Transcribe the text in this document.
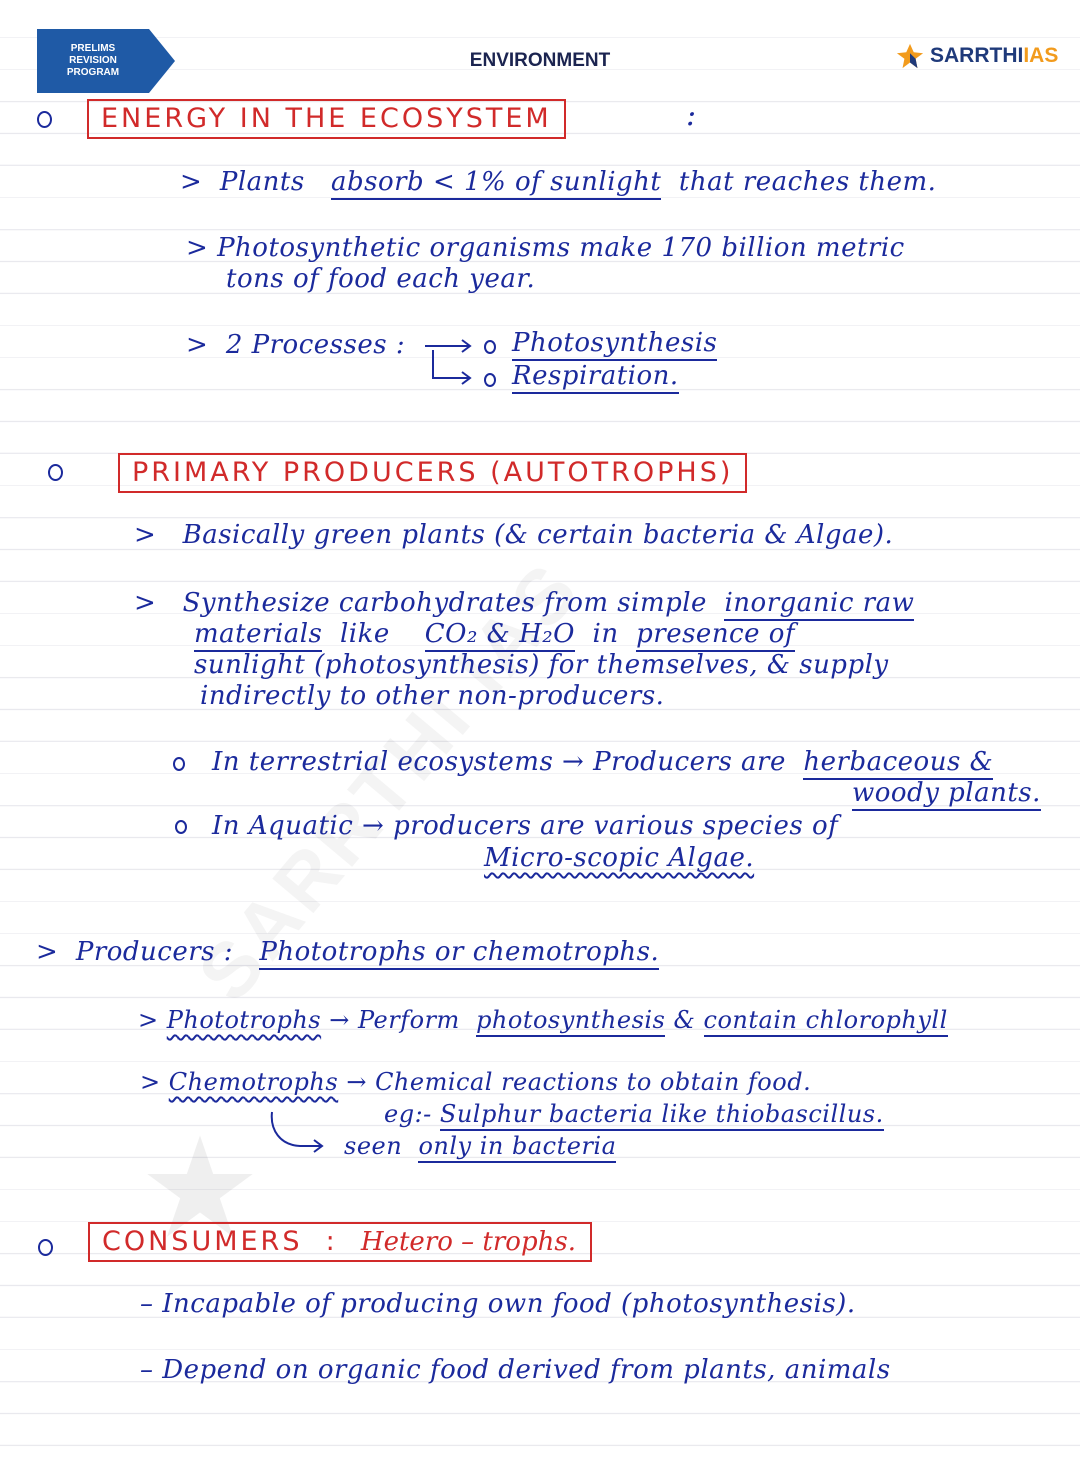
PRELIMS
REVISION
PROGRAM
ENVIRONMENT	SARRTHIIAS
ENERGY IN THE ECOSYSTEM	:
>  Plants absorb < 1% of sunlight that reaches them.
> Photosynthetic organisms make 170 billion metric
tons of food each year.
>  2 Processes :	Photosynthesis
Respiration.
PRIMARY PRODUCERS (AUTOTROPHS)
>   Basically green plants (& certain bacteria & Algae).
>   Synthesize carbohydrates from simple inorganic raw
materials like CO₂ & H₂O in presence of
sunlight (photosynthesis) for themselves, & supply
indirectly to other non-producers.
In terrestrial ecosystems → Producers are herbaceous &
woody plants.
In Aquatic → producers are various species of
Micro-scopic Algae.
>  Producers : Phototrophs or chemotrophs.
> Phototrophs → Perform photosynthesis & contain chlorophyll
> Chemotrophs → Chemical reactions to obtain food.
eg:- Sulphur bacteria like thiobascillus.
seen only in bacteria
CONSUMERS : Hetero – trophs.
– Incapable of producing own food (photosynthesis).
– Depend on organic food derived from plants, animals
